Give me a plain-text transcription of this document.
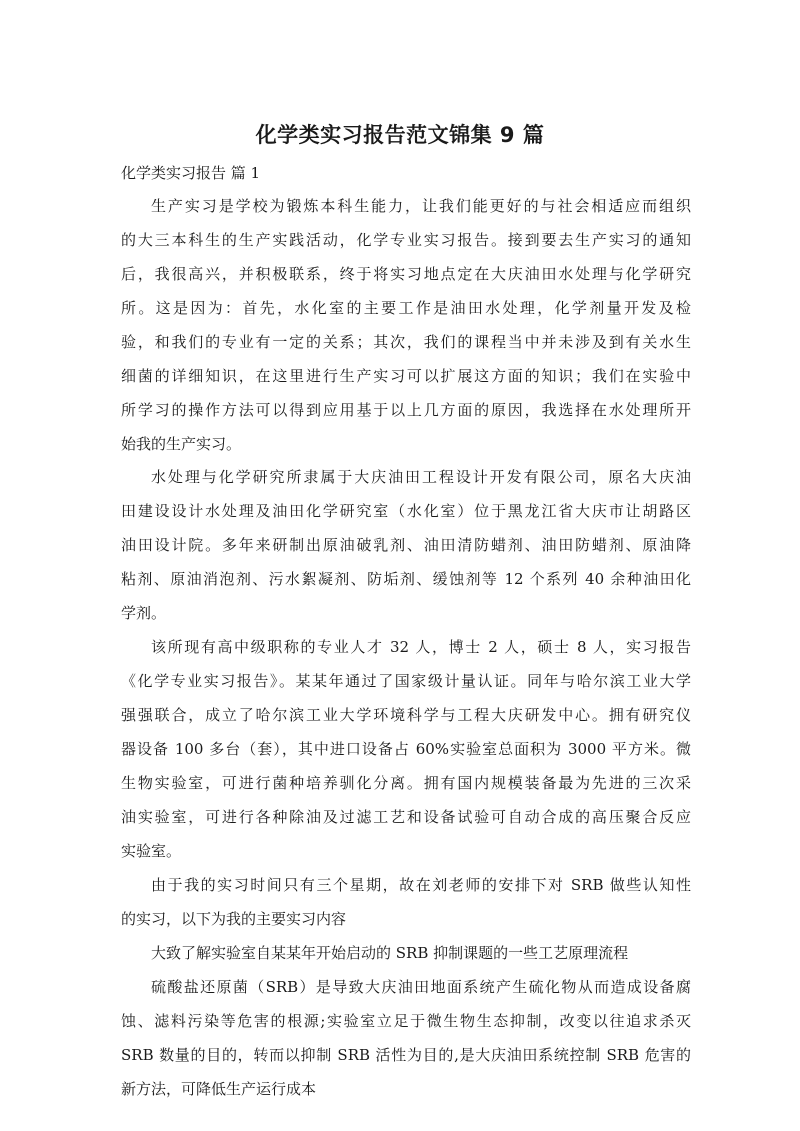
化学类实习报告范文锦集 9 篇

化学类实习报告 篇 1

生产实习是学校为锻炼本科生能力，让我们能更好的与社会相适应而组织

的大三本科生的生产实践活动，化学专业实习报告。接到要去生产实习的通知

后，我很高兴，并积极联系，终于将实习地点定在大庆油田水处理与化学研究

所。这是因为：首先，水化室的主要工作是油田水处理，化学剂量开发及检

验，和我们的专业有一定的关系；其次，我们的课程当中并未涉及到有关水生

细菌的详细知识，在这里进行生产实习可以扩展这方面的知识；我们在实验中

所学习的操作方法可以得到应用基于以上几方面的原因，我选择在水处理所开

始我的生产实习。

水处理与化学研究所隶属于大庆油田工程设计开发有限公司，原名大庆油

田建设设计水处理及油田化学研究室（水化室）位于黑龙江省大庆市让胡路区

油田设计院。多年来研制出原油破乳剂、油田清防蜡剂、油田防蜡剂、原油降

粘剂、原油消泡剂、污水絮凝剂、防垢剂、缓蚀剂等 12 个系列 40 余种油田化

学剂。

该所现有高中级职称的专业人才 32 人，博士 2 人，硕士 8 人，实习报告

《化学专业实习报告》。某某年通过了国家级计量认证。同年与哈尔滨工业大学

强强联合，成立了哈尔滨工业大学环境科学与工程大庆研发中心。拥有研究仪

器设备 100 多台（套），其中进口设备占 60%实验室总面积为 3000 平方米。微

生物实验室，可进行菌种培养驯化分离。拥有国内规模装备最为先进的三次采

油实验室，可进行各种除油及过滤工艺和设备试验可自动合成的高压聚合反应

实验室。

由于我的实习时间只有三个星期，故在刘老师的安排下对 SRB 做些认知性

的实习，以下为我的主要实习内容

大致了解实验室自某某年开始启动的 SRB 抑制课题的一些工艺原理流程

硫酸盐还原菌（SRB）是导致大庆油田地面系统产生硫化物从而造成设备腐

蚀、滤料污染等危害的根源;实验室立足于微生物生态抑制，改变以往追求杀灭

SRB 数量的目的，转而以抑制 SRB 活性为目的,是大庆油田系统控制 SRB 危害的

新方法，可降低生产运行成本
